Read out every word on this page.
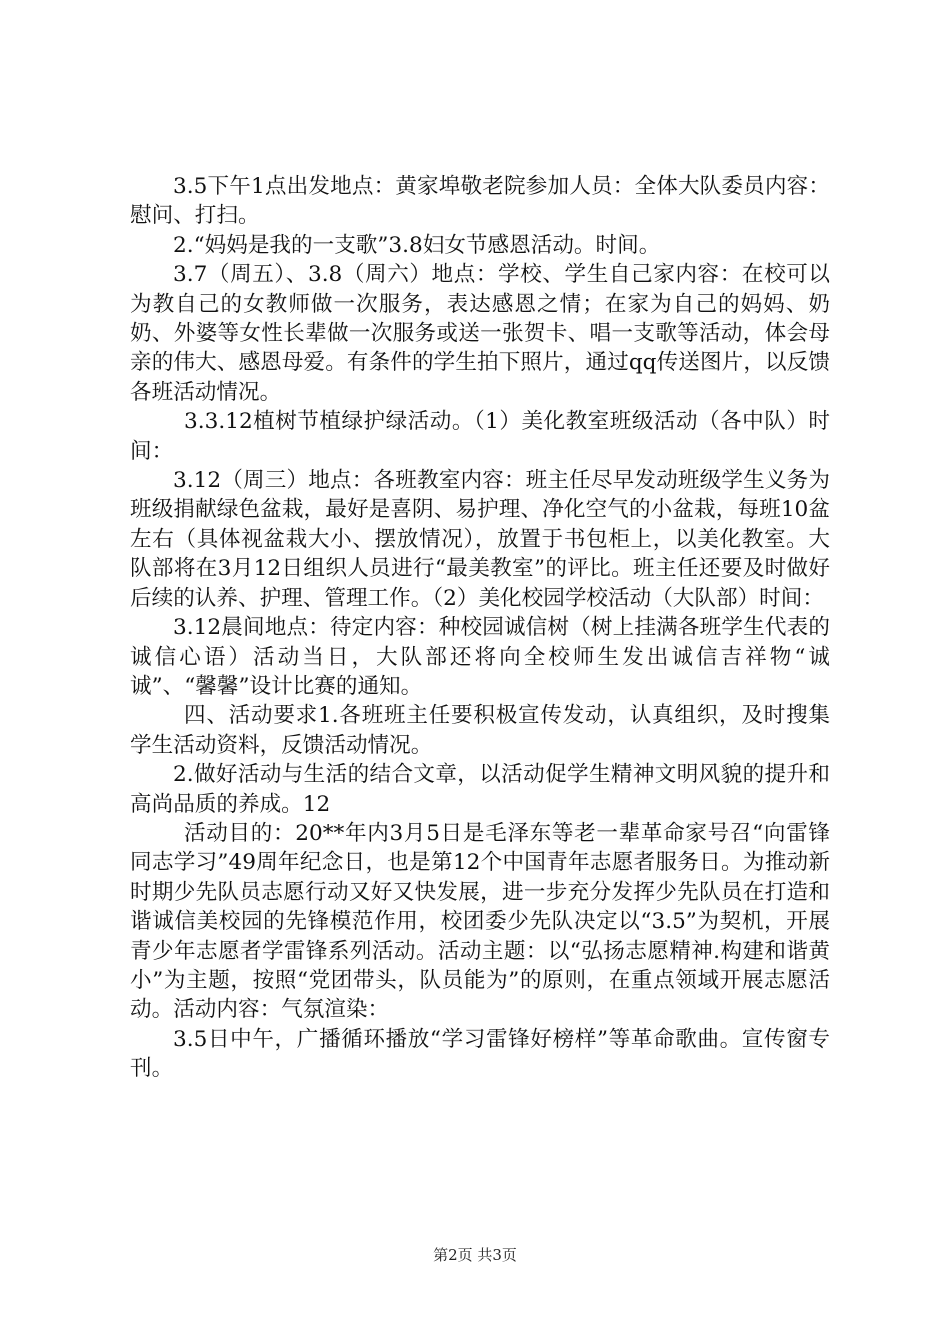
3.5下午1点出发地点：黄家埠敬老院参加人员：全体大队委员内容：慰问、打扫。

2.“妈妈是我的一支歌”3.8妇女节感恩活动。时间。

3.7（周五）、3.8（周六）地点：学校、学生自己家内容：在校可以为教自己的女教师做一次服务，表达感恩之情；在家为自己的妈妈、奶奶、外婆等女性长辈做一次服务或送一张贺卡、唱一支歌等活动，体会母亲的伟大、感恩母爱。有条件的学生拍下照片，通过qq传送图片，以反馈各班活动情况。

3.3.12植树节植绿护绿活动。（1）美化教室班级活动（各中队）时间：

3.12（周三）地点：各班教室内容：班主任尽早发动班级学生义务为班级捐献绿色盆栽，最好是喜阴、易护理、净化空气的小盆栽，每班10盆左右（具体视盆栽大小、摆放情况），放置于书包柜上，以美化教室。大队部将在3月12日组织人员进行“最美教室”的评比。班主任还要及时做好后续的认养、护理、管理工作。（2）美化校园学校活动（大队部）时间：

3.12晨间地点：待定内容：种校园诚信树（树上挂满各班学生代表的诚信心语）活动当日，大队部还将向全校师生发出诚信吉祥物“诚诚”、“馨馨”设计比赛的通知。

四、活动要求1.各班班主任要积极宣传发动，认真组织，及时搜集学生活动资料，反馈活动情况。

2.做好活动与生活的结合文章，以活动促学生精神文明风貌的提升和高尚品质的养成。12

活动目的：20**年内3月5日是毛泽东等老一辈革命家号召“向雷锋同志学习”49周年纪念日，也是第12个中国青年志愿者服务日。为推动新时期少先队员志愿行动又好又快发展，进一步充分发挥少先队员在打造和谐诚信美校园的先锋模范作用，校团委少先队决定以“3.5”为契机，开展青少年志愿者学雷锋系列活动。活动主题：以“弘扬志愿精神.构建和谐黄小”为主题，按照“党团带头，队员能为”的原则，在重点领域开展志愿活动。活动内容：气氛渲染：

3.5日中午，广播循环播放“学习雷锋好榜样”等革命歌曲。宣传窗专刊。

第2页 共3页
